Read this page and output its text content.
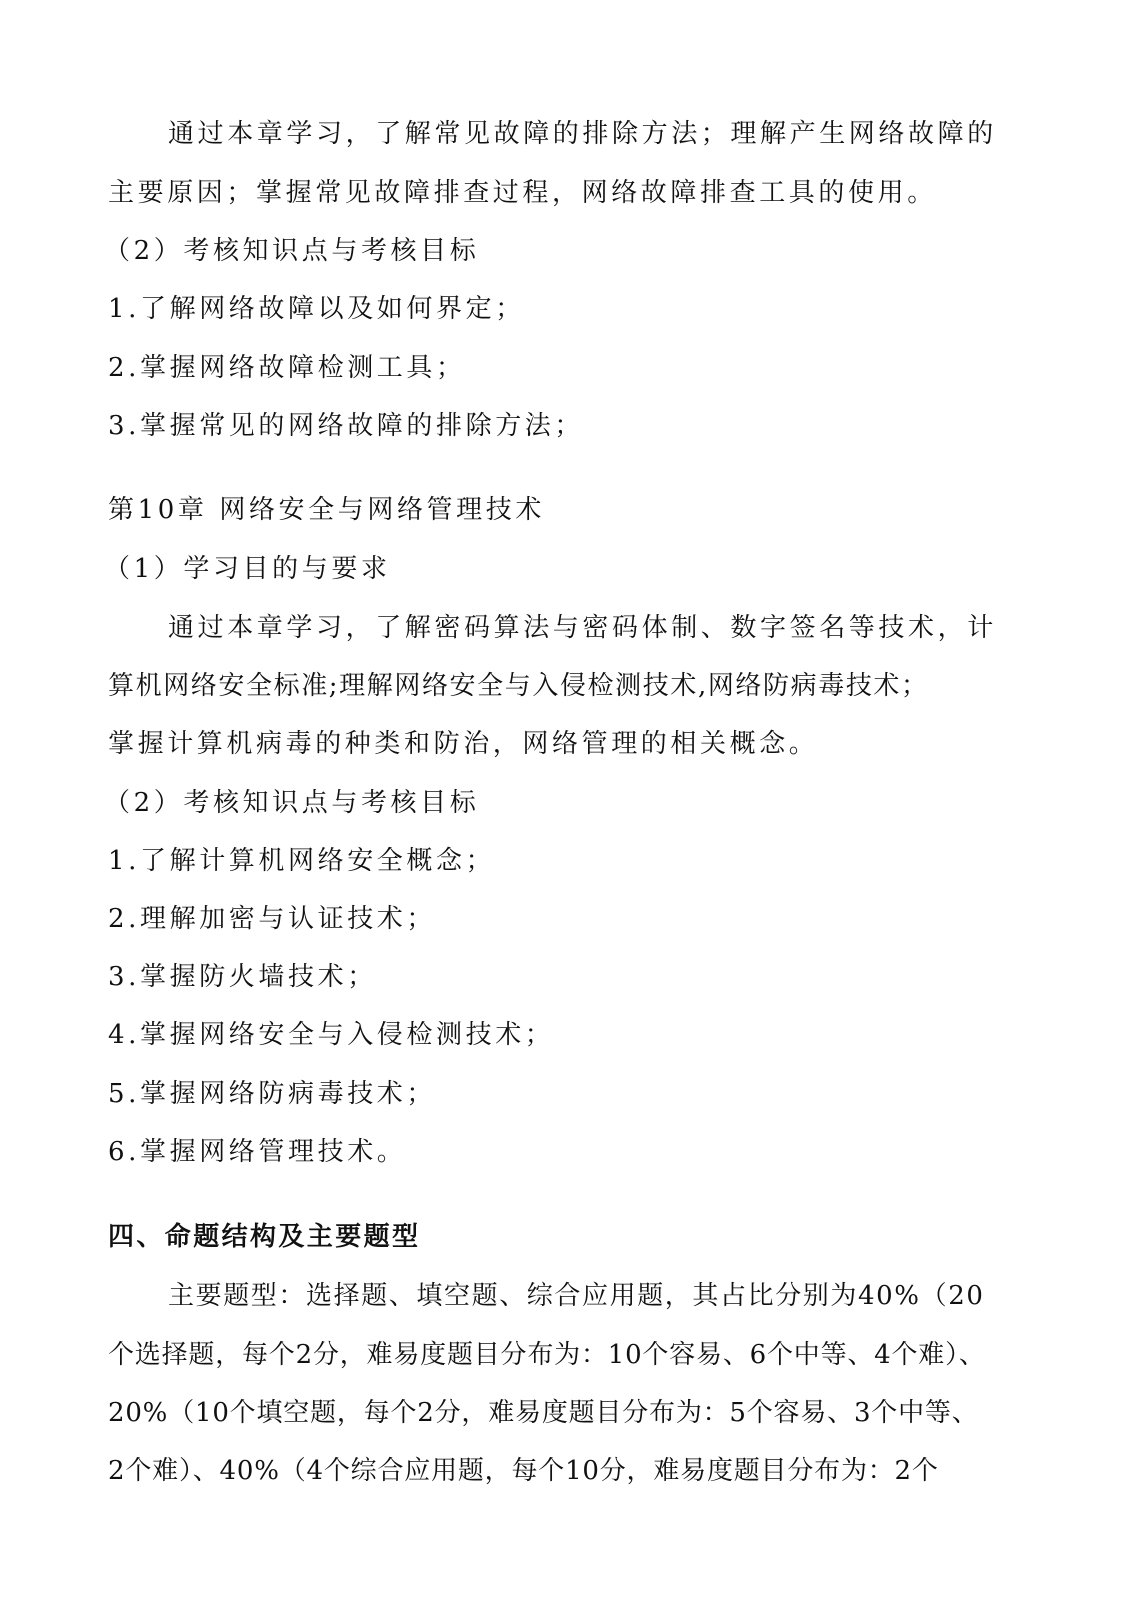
通过本章学习，了解常见故障的排除方法；理解产生网络故障的
主要原因；掌握常见故障排查过程，网络故障排查工具的使用。
（2）考核知识点与考核目标
1.了解网络故障以及如何界定；
2.掌握网络故障检测工具；
3.掌握常见的网络故障的排除方法；
第10章 网络安全与网络管理技术
（1）学习目的与要求
通过本章学习，了解密码算法与密码体制、数字签名等技术，计
算机网络安全标准;理解网络安全与入侵检测技术,网络防病毒技术；
掌握计算机病毒的种类和防治，网络管理的相关概念。
（2）考核知识点与考核目标
1.了解计算机网络安全概念；
2.理解加密与认证技术；
3.掌握防火墙技术；
4.掌握网络安全与入侵检测技术；
5.掌握网络防病毒技术；
6.掌握网络管理技术。
四、命题结构及主要题型
主要题型：选择题、填空题、综合应用题，其占比分别为40%（20
个选择题，每个2分，难易度题目分布为：10个容易、6个中等、4个难）、
20%（10个填空题，每个2分，难易度题目分布为：5个容易、3个中等、
2个难）、40%（4个综合应用题，每个10分，难易度题目分布为：2个
